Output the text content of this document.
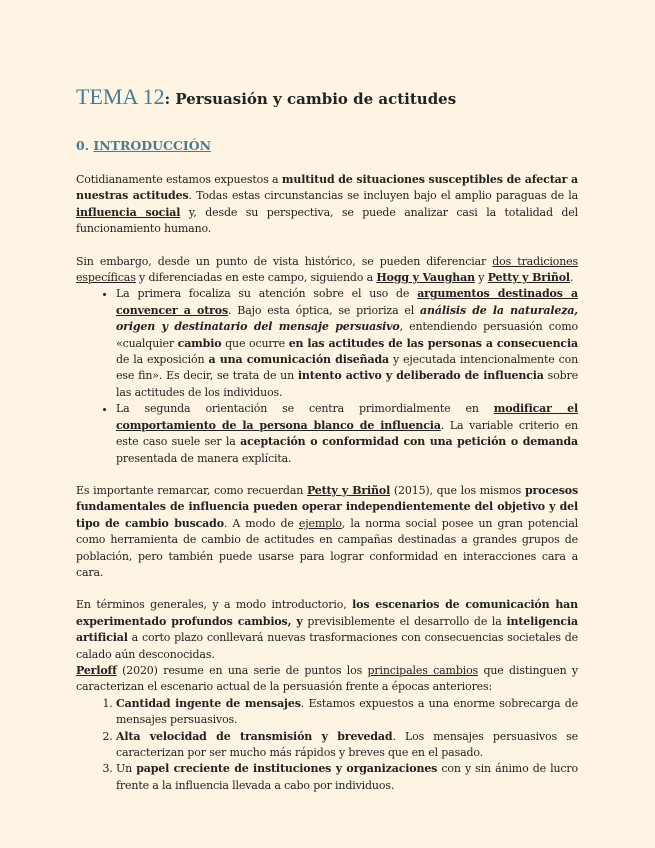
TEMA 12: Persuasión y cambio de actitudes
0. INTRODUCCIÓN

Cotidianamente estamos expuestos a multitud de situaciones susceptibles de afectar a nuestras actitudes. Todas estas circunstancias se incluyen bajo el amplio paraguas de la influencia social y, desde su perspectiva, se puede analizar casi la totalidad del funcionamiento humano.

Sin embargo, desde un punto de vista histórico, se pueden diferenciar dos tradiciones específicas y diferenciadas en este campo, siguiendo a Hogg y Vaughan y Petty y Briñol.

• La primera focaliza su atención sobre el uso de argumentos destinados a convencer a otros. Bajo esta óptica, se prioriza el análisis de la naturaleza, origen y destinatario del mensaje persuasivo, entendiendo persuasión como «cualquier cambio que ocurre en las actitudes de las personas a consecuencia de la exposición a una comunicación diseñada y ejecutada intencionalmente con ese fin». Es decir, se trata de un intento activo y deliberado de influencia sobre las actitudes de los individuos.
• La segunda orientación se centra primordialmente en modificar el comportamiento de la persona blanco de influencia. La variable criterio en este caso suele ser la aceptación o conformidad con una petición o demanda presentada de manera explícita.

Es importante remarcar, como recuerdan Petty y Briñol (2015), que los mismos procesos fundamentales de influencia pueden operar independientemente del objetivo y del tipo de cambio buscado. A modo de ejemplo, la norma social posee un gran potencial como herramienta de cambio de actitudes en campañas destinadas a grandes grupos de población, pero también puede usarse para lograr conformidad en interacciones cara a cara.

En términos generales, y a modo introductorio, los escenarios de comunicación han experimentado profundos cambios, y previsiblemente el desarrollo de la inteligencia artificial a corto plazo conllevará nuevas trasformaciones con consecuencias societales de calado aún desconocidas.

Perloff (2020) resume en una serie de puntos los principales cambios que distinguen y caracterizan el escenario actual de la persuasión frente a épocas anteriores:

1. Cantidad ingente de mensajes. Estamos expuestos a una enorme sobrecarga de mensajes persuasivos.
2. Alta velocidad de transmisión y brevedad. Los mensajes persuasivos se caracterizan por ser mucho más rápidos y breves que en el pasado.
3. Un papel creciente de instituciones y organizaciones con y sin ánimo de lucro frente a la influencia llevada a cabo por individuos.
